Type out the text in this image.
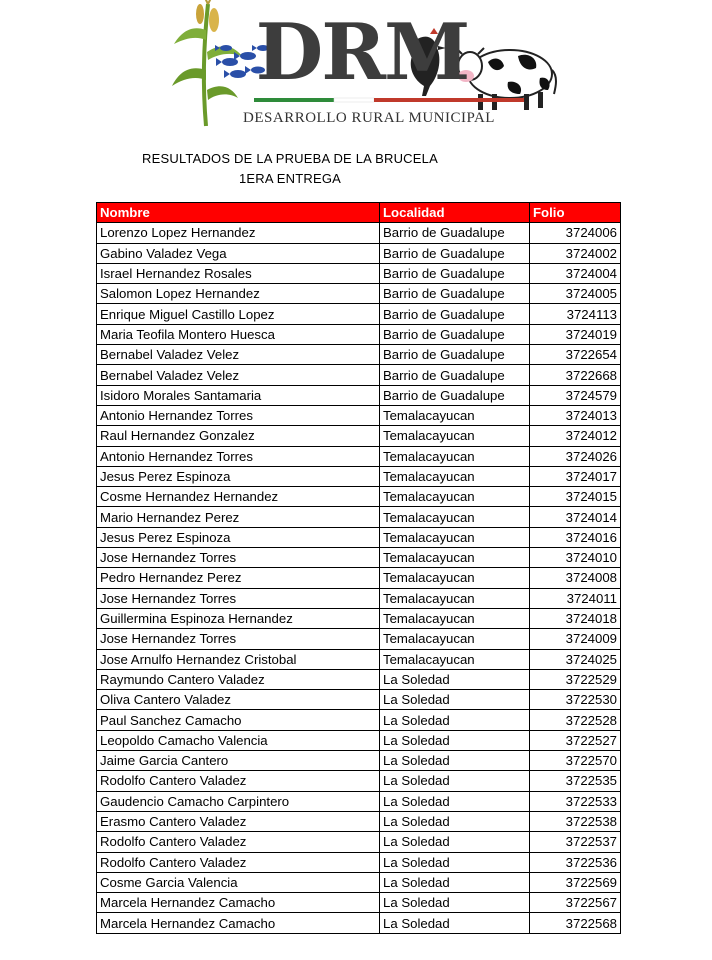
DRM
DESARROLLO RURAL MUNICIPAL
RESULTADOS DE LA PRUEBA DE LA BRUCELA
1ERA ENTREGA
Nombre	Localidad	Folio
Lorenzo Lopez Hernandez	Barrio de Guadalupe	3724006
Gabino Valadez Vega	Barrio de Guadalupe	3724002
Israel Hernandez Rosales	Barrio de Guadalupe	3724004
Salomon Lopez Hernandez	Barrio de Guadalupe	3724005
Enrique Miguel Castillo Lopez	Barrio de Guadalupe	3724113
Maria Teofila Montero Huesca	Barrio de Guadalupe	3724019
Bernabel Valadez Velez	Barrio de Guadalupe	3722654
Bernabel Valadez Velez	Barrio de Guadalupe	3722668
Isidoro Morales Santamaria	Barrio de Guadalupe	3724579
Antonio Hernandez Torres	Temalacayucan	3724013
Raul Hernandez Gonzalez	Temalacayucan	3724012
Antonio Hernandez Torres	Temalacayucan	3724026
Jesus Perez Espinoza	Temalacayucan	3724017
Cosme Hernandez Hernandez	Temalacayucan	3724015
Mario Hernandez Perez	Temalacayucan	3724014
Jesus Perez Espinoza	Temalacayucan	3724016
Jose Hernandez Torres	Temalacayucan	3724010
Pedro Hernandez Perez	Temalacayucan	3724008
Jose Hernandez Torres	Temalacayucan	3724011
Guillermina Espinoza Hernandez	Temalacayucan	3724018
Jose Hernandez Torres	Temalacayucan	3724009
Jose Arnulfo Hernandez Cristobal	Temalacayucan	3724025
Raymundo Cantero Valadez	La Soledad	3722529
Oliva Cantero Valadez	La Soledad	3722530
Paul Sanchez Camacho	La Soledad	3722528
Leopoldo Camacho Valencia	La Soledad	3722527
Jaime Garcia Cantero	La Soledad	3722570
Rodolfo Cantero Valadez	La Soledad	3722535
Gaudencio Camacho Carpintero	La Soledad	3722533
Erasmo Cantero Valadez	La Soledad	3722538
Rodolfo Cantero Valadez	La Soledad	3722537
Rodolfo Cantero Valadez	La Soledad	3722536
Cosme Garcia Valencia	La Soledad	3722569
Marcela Hernandez Camacho	La Soledad	3722567
Marcela Hernandez Camacho	La Soledad	3722568
